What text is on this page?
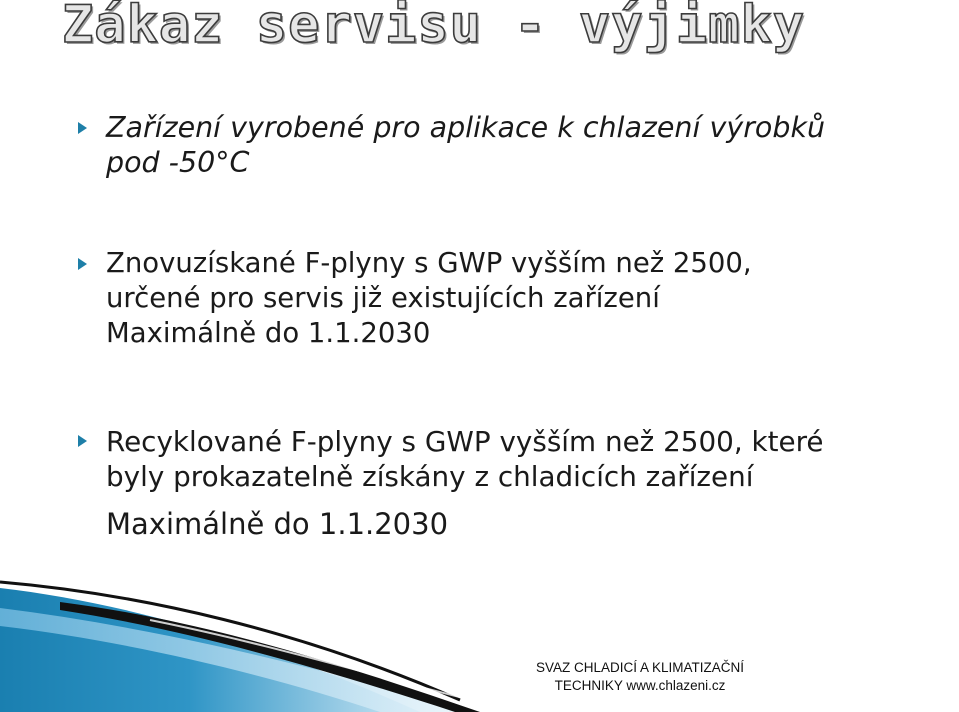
Zákaz servisu - výjimky
Zařízení vyrobené pro aplikace k chlazení výrobků
pod -50°C
Znovuzískané F-plyny s GWP vyšším než 2500,
určené pro servis již existujících zařízení
Maximálně do 1.1.2030
Recyklované F-plyny s GWP vyšším než 2500, které
byly prokazatelně získány z chladicích zařízení
Maximálně do 1.1.2030
SVAZ CHLADICÍ A KLIMATIZAČNÍ
TECHNIKY www.chlazeni.cz
